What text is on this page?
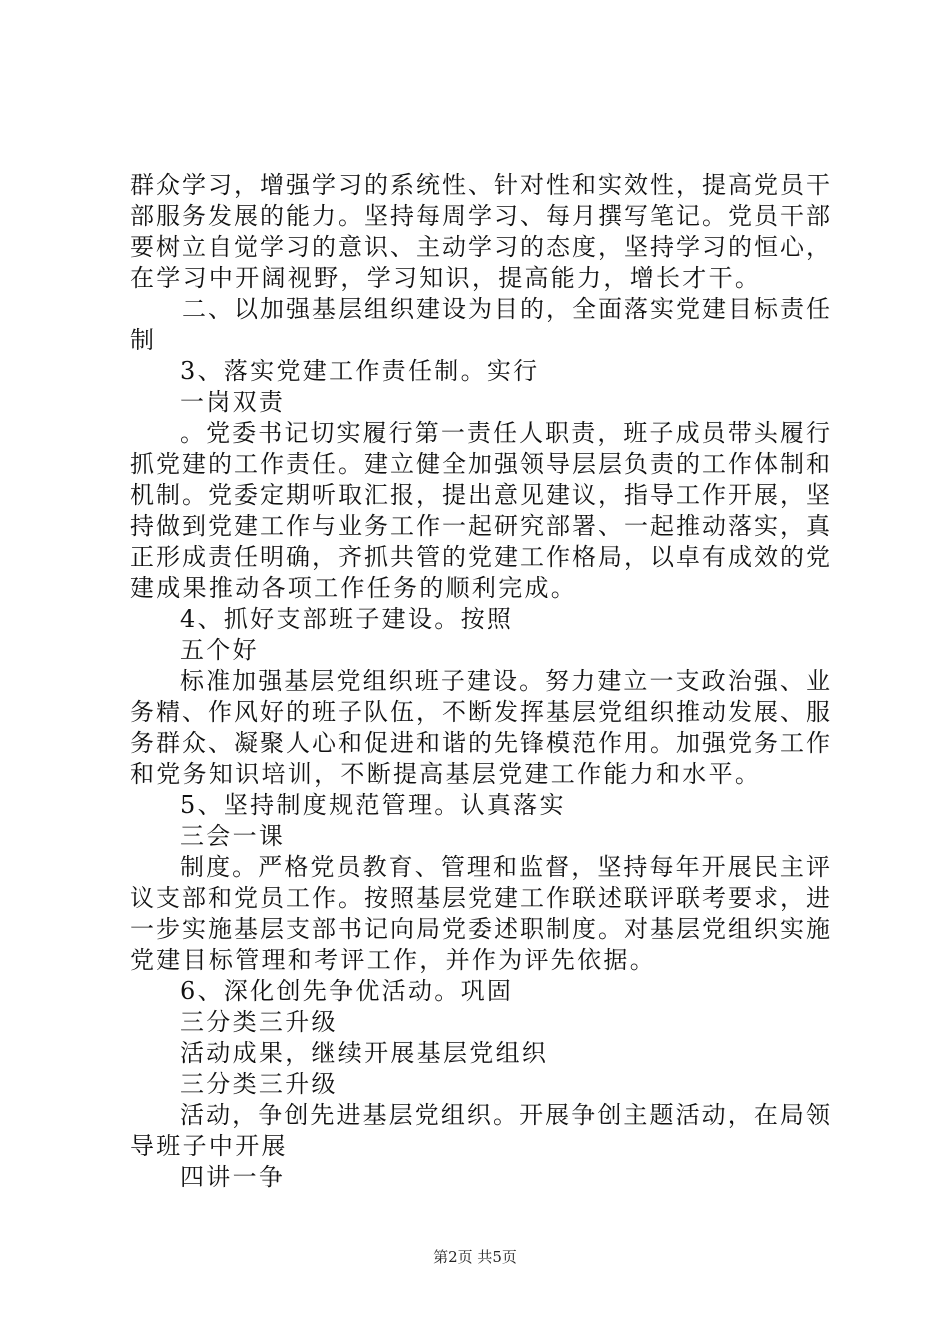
群众学习，增强学习的系统性、针对性和实效性，提高党员干
部服务发展的能力。坚持每周学习、每月撰写笔记。党员干部
要树立自觉学习的意识、主动学习的态度，坚持学习的恒心，
在学习中开阔视野，学习知识，提高能力，增长才干。
二、以加强基层组织建设为目的，全面落实党建目标责任
制
3、落实党建工作责任制。实行
一岗双责
。党委书记切实履行第一责任人职责，班子成员带头履行
抓党建的工作责任。建立健全加强领导层层负责的工作体制和
机制。党委定期听取汇报，提出意见建议，指导工作开展，坚
持做到党建工作与业务工作一起研究部署、一起推动落实，真
正形成责任明确，齐抓共管的党建工作格局，以卓有成效的党
建成果推动各项工作任务的顺利完成。
4、抓好支部班子建设。按照
五个好
标准加强基层党组织班子建设。努力建立一支政治强、业
务精、作风好的班子队伍，不断发挥基层党组织推动发展、服
务群众、凝聚人心和促进和谐的先锋模范作用。加强党务工作
和党务知识培训，不断提高基层党建工作能力和水平。
5、坚持制度规范管理。认真落实
三会一课
制度。严格党员教育、管理和监督，坚持每年开展民主评
议支部和党员工作。按照基层党建工作联述联评联考要求，进
一步实施基层支部书记向局党委述职制度。对基层党组织实施
党建目标管理和考评工作，并作为评先依据。
6、深化创先争优活动。巩固
三分类三升级
活动成果，继续开展基层党组织
三分类三升级
活动，争创先进基层党组织。开展争创主题活动，在局领
导班子中开展
四讲一争
第2页 共5页
